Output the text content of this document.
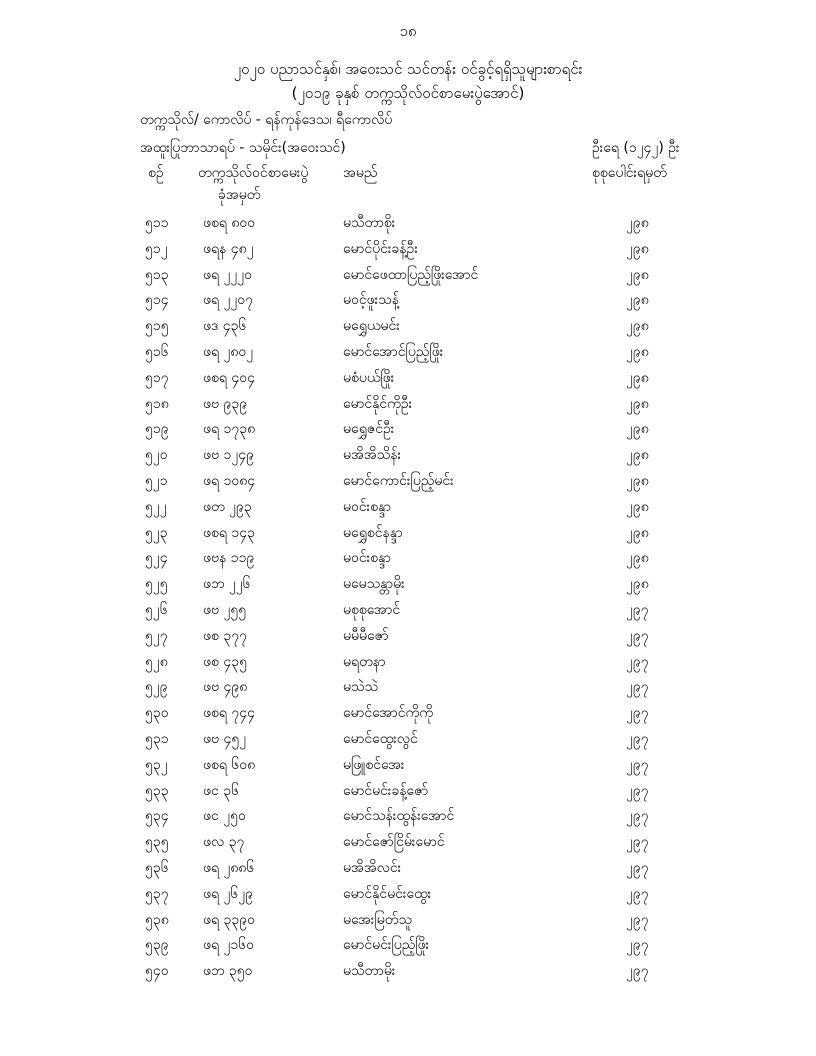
၁၈
၂၀၂၀ ပညာသင်နှစ်၊ အဝေးသင် သင်တန်း ဝင်ခွင့်ရရှိသူများစာရင်း
(၂၀၁၉ ခုနှစ် တက္ကသိုလ်ဝင်စာမေးပွဲအောင်)
တက္ကသိုလ်/ ကောလိပ် - ရန်ကုန်ဒေသ၊ ရီကောလိပ်
အထူးပြုဘာသာရပ် - သမိုင်း(အဝေးသင်)	ဦးရေ (၁၂၄၂) ဦး
စဉ် တက္ကသိုလ်ဝင်စာမေးပွဲ
ခုံအမှတ်
အမည်	စုစုပေါင်းရမှတ်
၅၁၁ ဖစရ ၈၀၀	မသီတာစိုး	၂၉၈
၅၁၂	ဖရန ၄၈၂	မောင်ပိုင်းခန့်ဦး	၂၉၈
၅၁၃ ဖရ ၂၂၂၀	မောင်ဖေထာပြည့်ဖြိုးအောင်	၂၉၈
၅၁၄ ဖရ ၂၂၀၇	မဝင့်ဖူးသန့်	၂၉၈
၅၁၅ ဖဒ ၄၃၆	မရွှေယမင်း	၂၉၈
၅၁၆ ဖရ ၂၈၀၂	မောင်အောင်ပြည့်ဖြိုး	၂၉၈
၅၁၇ ဖစရ ၄၀၄	မစံပယ်ဖြိုး	၂၉၈
၅၁၈ ဖဗ ၉၃၉	မောင်နိုင်ကိုဦး	၂၉၈
၅၁၉ ဖရ ၁၇၃၈	မရွှေဇင်ဦး	၂၉၈
၅၂၀	ဖဗ ၁၂၄၉	မအိအိသိန်း	၂၉၈
၅၂၁	ဖရ ၁၀၈၄	မောင်ကောင်းပြည့်မင်း	၂၉၈
၅၂၂	ဖတ ၂၉၃	မဝင်းစန္ဒာ	၂၉၈
၅၂၃	ဖစရ ၁၄၃	မရွှေစင်နန္ဒာ	၂၉၈
၅၂၄	ဖဗန ၁၁၉	မဝင်းစန္ဒာ	၂၉၈
၅၂၅	ဖဘ ၂၂၆	မမေသန္တာမိုး	၂၉၈
၅၂၆	ဖဗ ၂၅၅	မစုစုအောင်	၂၉၇
၅၂၇	ဖစ ၃၇၇	မမီမီဇော်	၂၉၇
၅၂၈	ဖစ ၄၃၅	မရတနာ	၂၉၇
၅၂၉	ဖဗ ၄၉၈	မသဲသဲ	၂၉၇
၅၃၀ ဖစရ ၇၄၄	မောင်အောင်ကိုကို	၂၉၇
၅၃၁ ဖဗ ၄၅၂	မောင်ထွေးလွင်	၂၉၇
၅၃၂	ဖစရ ၆၀၈	မဖြူစင်အေး	၂၉၇
၅၃၃ ဖင ၃၆	မောင်မင်းခန့်ဇော်	၂၉၇
၅၃၄ ဖင ၂၅၀	မောင်သန်းထွန်းအောင်	၂၉၇
၅၃၅ ဖလ ၃၇	မောင်ဇော်ငြိမ်းမောင်	၂၉၇
၅၃၆ ဖရ ၂၈၈၆	မအိအိလင်း	၂၉၇
၅၃၇ ဖရ ၂၆၂၉	မောင်နိုင်မင်းထွေး	၂၉၇
၅၃၈ ဖရ ၃၃၉၀	မအေးမြတ်သူ	၂၉၇
၅၃၉ ဖရ ၂၁၆၀	မောင်မင်းပြည့်ဖြိုး	၂၉၇
၅၄၀ ဖဘ ၃၅၀	မသီတာမိုး	၂၉၇
